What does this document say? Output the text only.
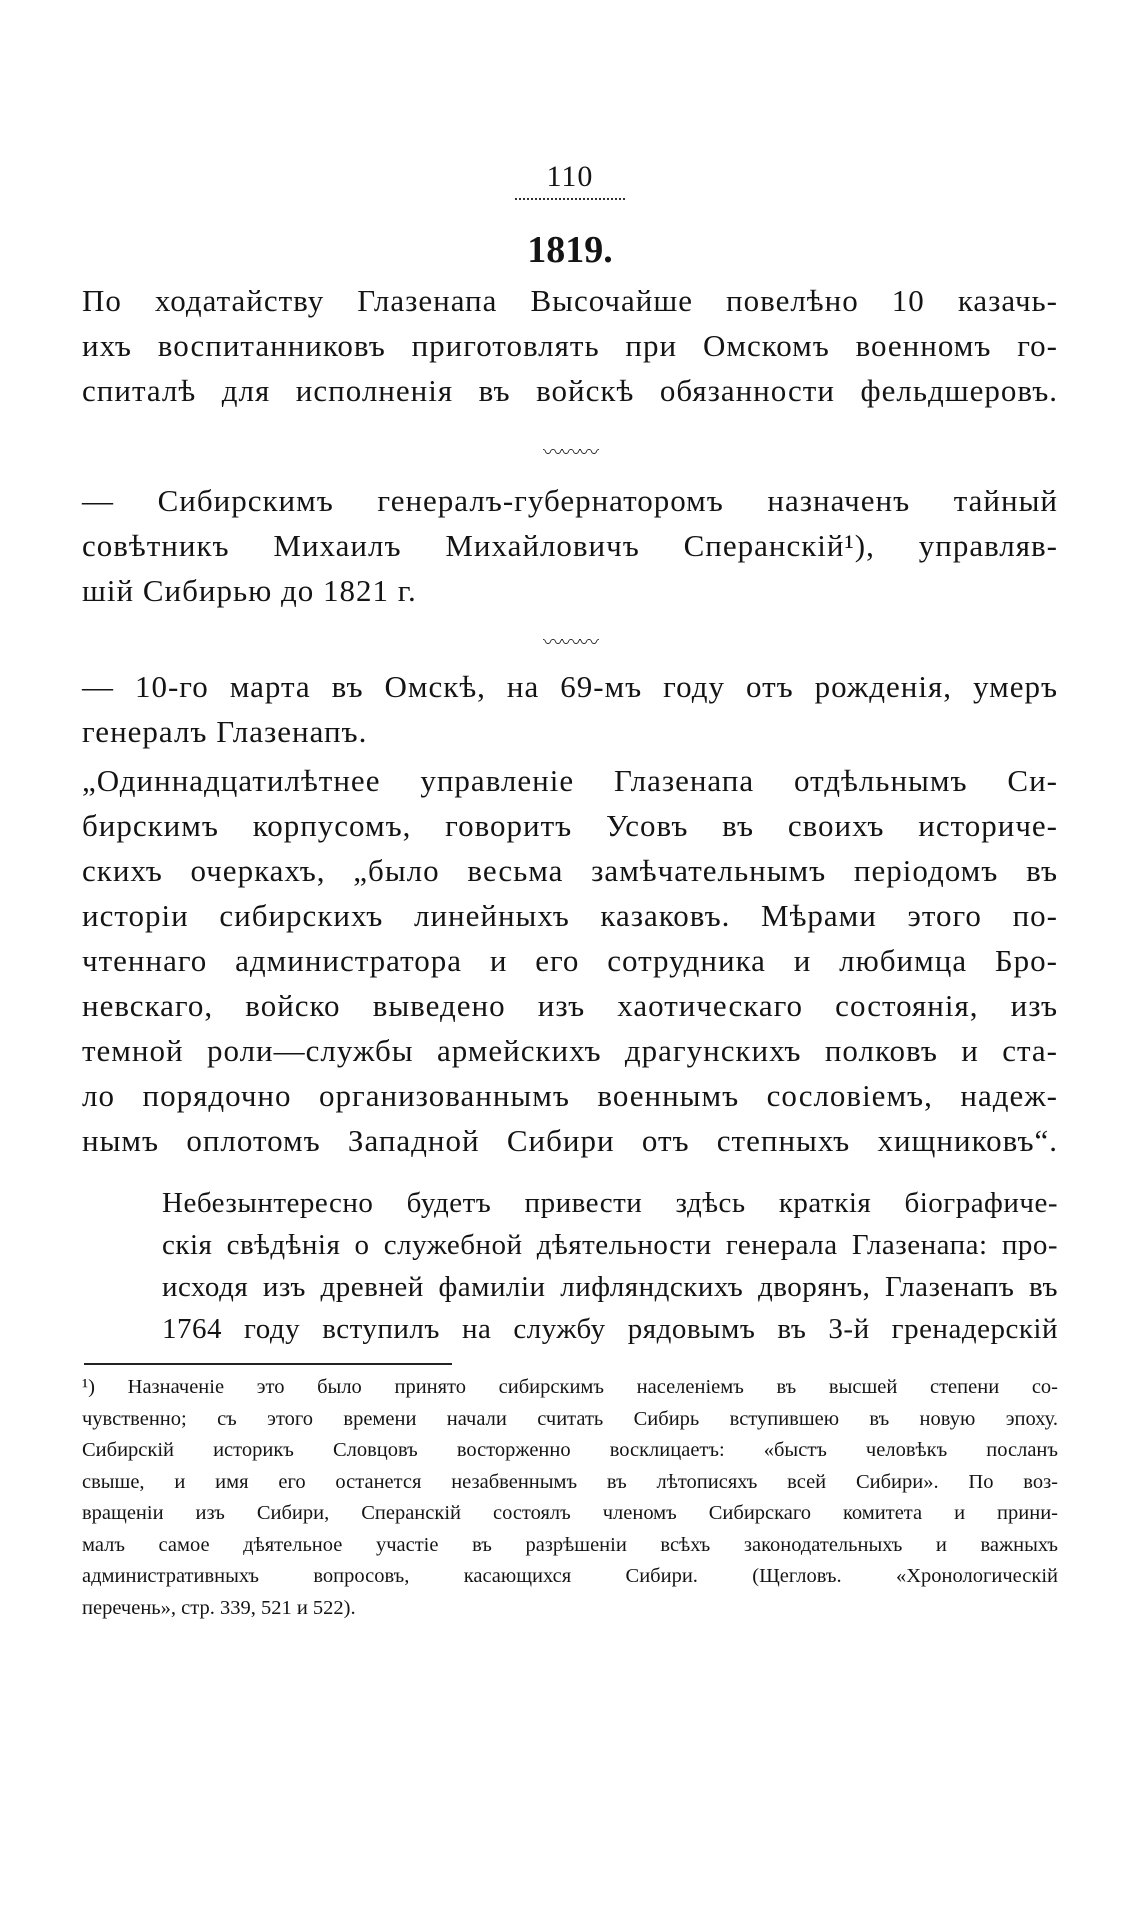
110
1819.

По ходатайству Глазенапа Высочайше повелѣно 10 казачь-
ихъ воспитанниковъ приготовлять при Омскомъ военномъ го-
спиталѣ для исполненія въ войскѣ обязанности фельдшеровъ.

〰〰〰

— Сибирскимъ генералъ-губернаторомъ назначенъ тайный
совѣтникъ Михаилъ Михайловичъ Сперанскій¹), управляв-
шій Сибирью до 1821 г.

〰〰〰

— 10-го марта въ Омскѣ, на 69-мъ году отъ рожденія, умеръ
генералъ Глазенапъ.

„Одиннадцатилѣтнее управленіе Глазенапа отдѣльнымъ Си-
бирскимъ корпусомъ, говоритъ Усовъ въ своихъ историче-
скихъ очеркахъ, „было весьма замѣчательнымъ періодомъ въ
исторіи сибирскихъ линейныхъ казаковъ. Мѣрами этого по-
чтеннаго администратора и его сотрудника и любимца Бро-
невскаго, войско выведено изъ хаотическаго состоянія, изъ
темной роли—службы армейскихъ драгунскихъ полковъ и ста-
ло порядочно организованнымъ военнымъ сословіемъ, надеж-
нымъ оплотомъ Западной Сибири отъ степныхъ хищниковъ“.

Небезынтересно будетъ привести здѣсь краткія біографиче-
скія свѣдѣнія о служебной дѣятельности генерала Глазенапа: про-
исходя изъ древней фамиліи лифляндскихъ дворянъ, Глазенапъ въ
1764 году вступилъ на службу рядовымъ въ 3-й гренадерскій

¹) Назначеніе это было принято сибирскимъ населеніемъ въ высшей степени со-
чувственно; съ этого времени начали считать Сибирь вступившею въ новую эпоху.
Сибирскій историкъ Словцовъ восторженно восклицаетъ: «быстъ человѣкъ посланъ
свыше, и имя его останется незабвеннымъ въ лѣтописяхъ всей Сибири». По воз-
вращеніи изъ Сибири, Сперанскій состоялъ членомъ Сибирскаго комитета и прини-
малъ самое дѣятельное участіе въ разрѣшеніи всѣхъ законодательныхъ и важныхъ
административныхъ вопросовъ, касающихся Сибири. (Щегловъ. «Хронологическій
перечень», стр. 339, 521 и 522).
